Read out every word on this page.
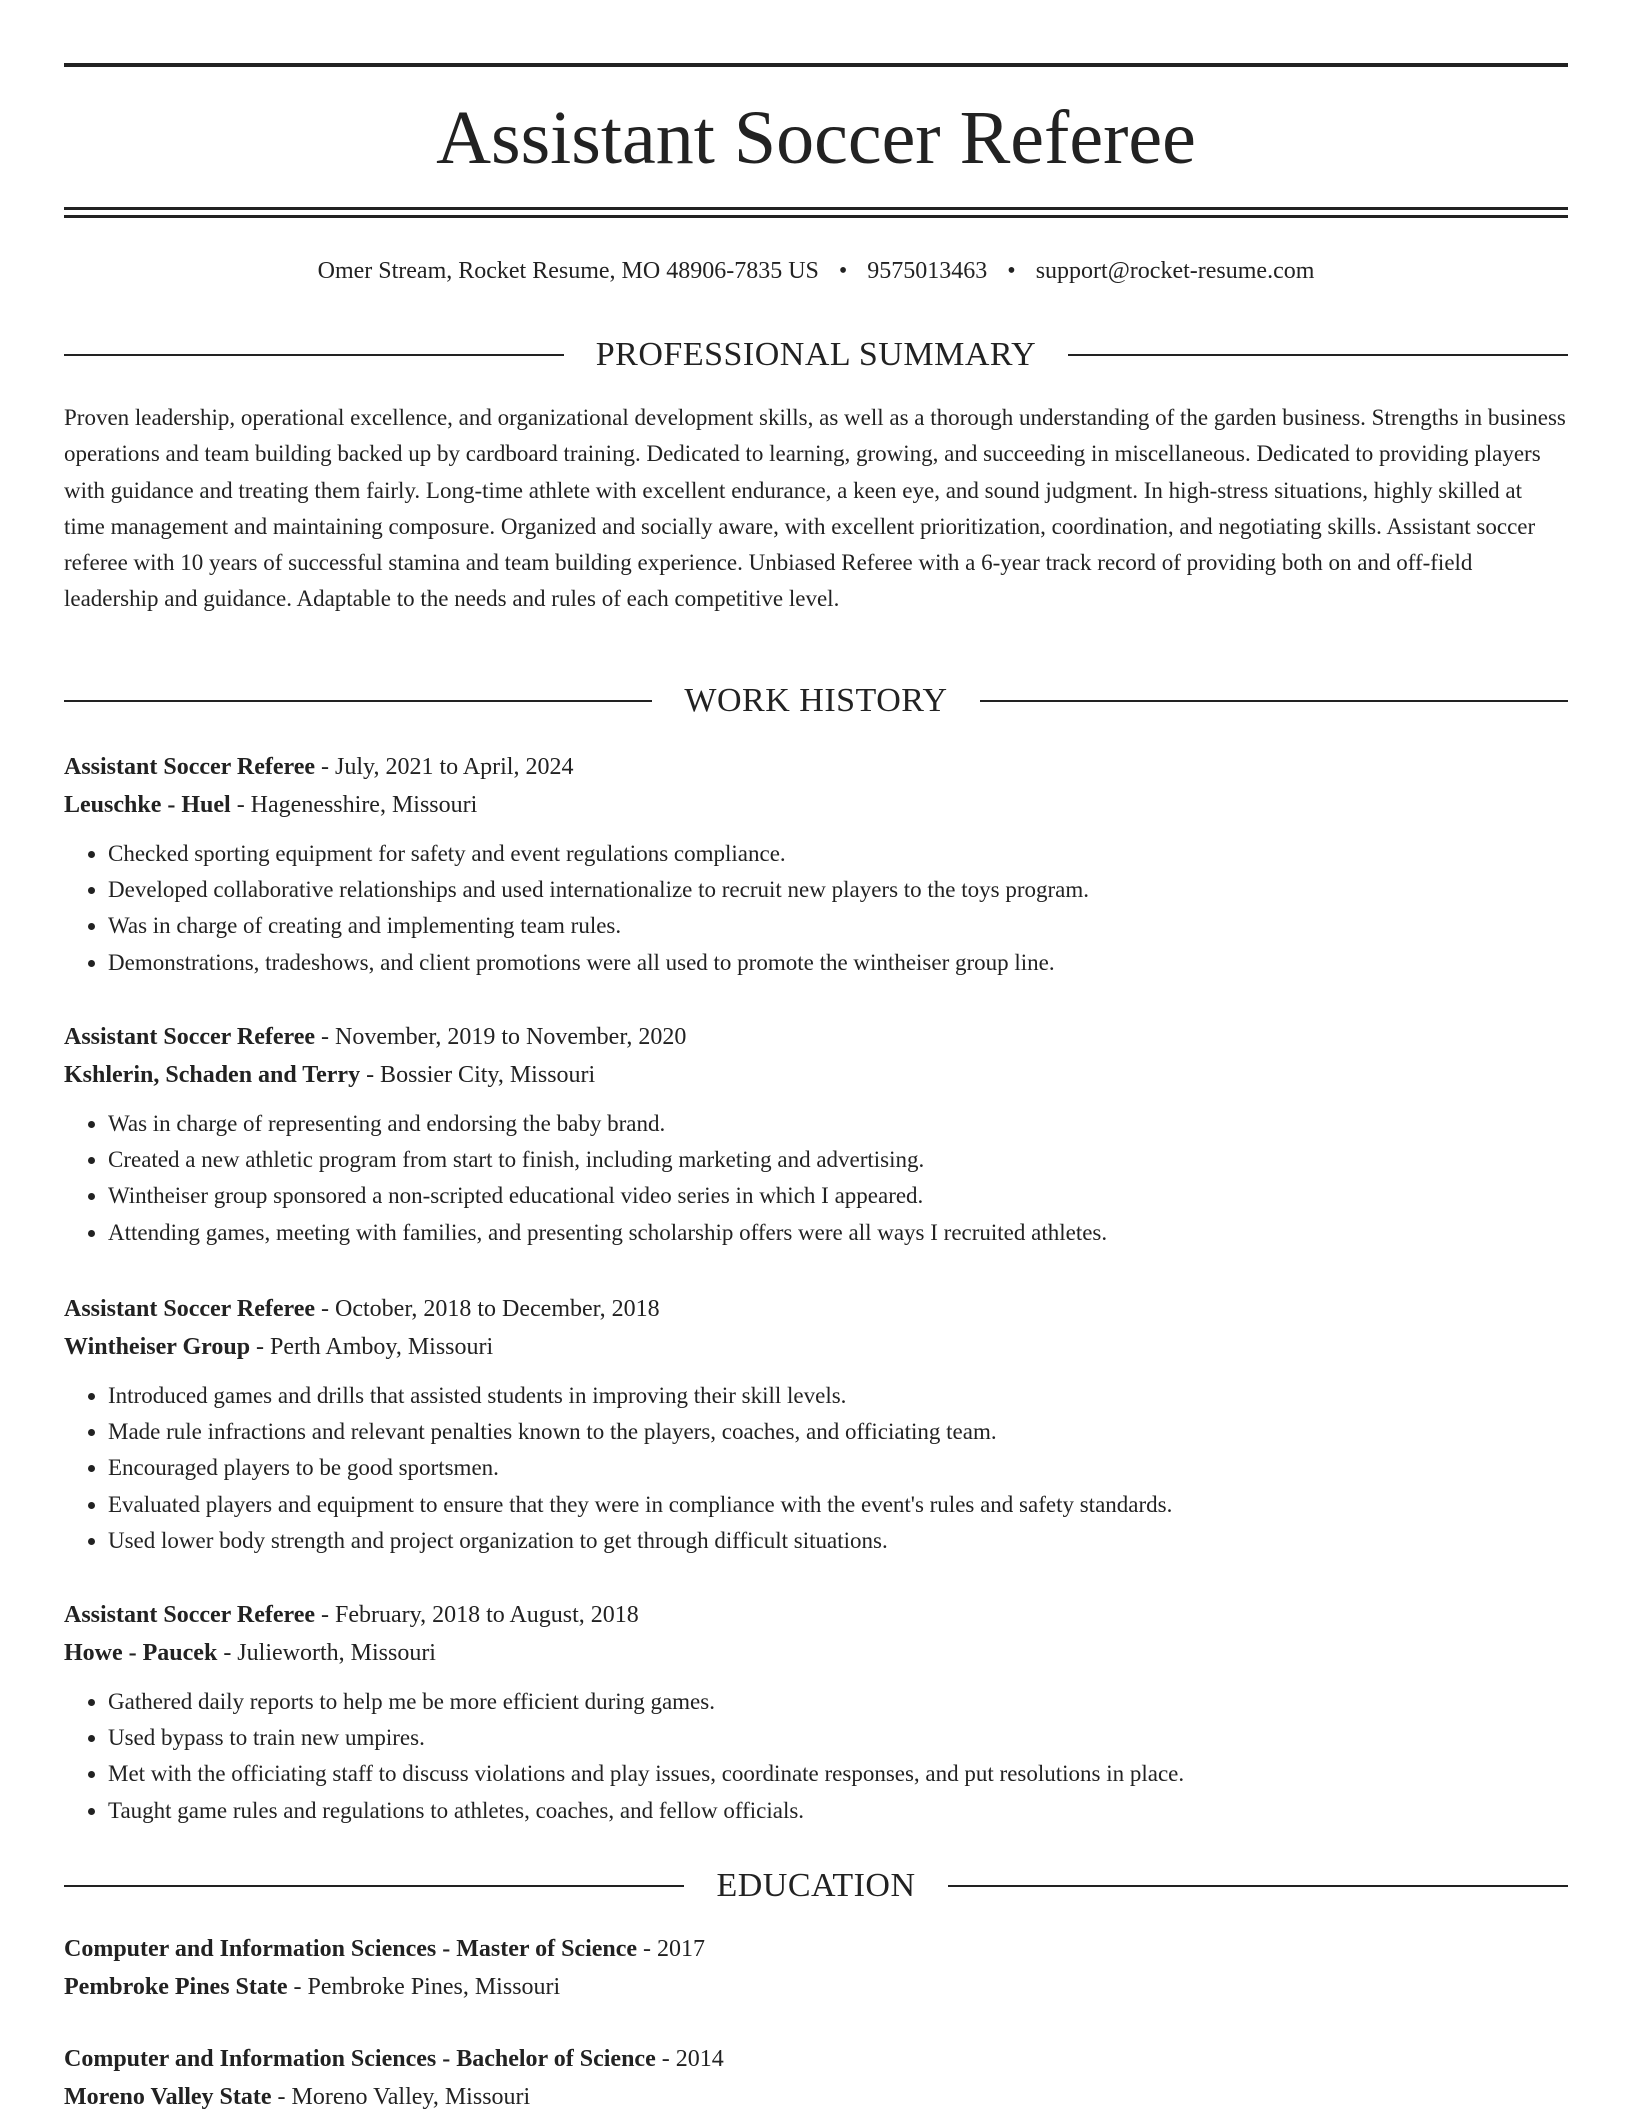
Assistant Soccer Referee
Omer Stream, Rocket Resume, MO 48906-7835 US • 9575013463 • support@rocket-resume.com
PROFESSIONAL SUMMARY

Proven leadership, operational excellence, and organizational development skills, as well as a thorough understanding of the garden business. Strengths in business operations and team building backed up by cardboard training. Dedicated to learning, growing, and succeeding in miscellaneous. Dedicated to providing players with guidance and treating them fairly. Long-time athlete with excellent endurance, a keen eye, and sound judgment. In high-stress situations, highly skilled at time management and maintaining composure. Organized and socially aware, with excellent prioritization, coordination, and negotiating skills. Assistant soccer referee with 10 years of successful stamina and team building experience. Unbiased Referee with a 6-year track record of providing both on and off-field leadership and guidance. Adaptable to the needs and rules of each competitive level.

WORK HISTORY
Assistant Soccer Referee - July, 2021 to April, 2024
Leuschke - Huel - Hagenesshire, Missouri
• Checked sporting equipment for safety and event regulations compliance.
• Developed collaborative relationships and used internationalize to recruit new players to the toys program.
• Was in charge of creating and implementing team rules.
• Demonstrations, tradeshows, and client promotions were all used to promote the wintheiser group line.
Assistant Soccer Referee - November, 2019 to November, 2020
Kshlerin, Schaden and Terry - Bossier City, Missouri
• Was in charge of representing and endorsing the baby brand.
• Created a new athletic program from start to finish, including marketing and advertising.
• Wintheiser group sponsored a non-scripted educational video series in which I appeared.
• Attending games, meeting with families, and presenting scholarship offers were all ways I recruited athletes.
Assistant Soccer Referee - October, 2018 to December, 2018
Wintheiser Group - Perth Amboy, Missouri
• Introduced games and drills that assisted students in improving their skill levels.
• Made rule infractions and relevant penalties known to the players, coaches, and officiating team.
• Encouraged players to be good sportsmen.
• Evaluated players and equipment to ensure that they were in compliance with the event's rules and safety standards.
• Used lower body strength and project organization to get through difficult situations.
Assistant Soccer Referee - February, 2018 to August, 2018
Howe - Paucek - Julieworth, Missouri
• Gathered daily reports to help me be more efficient during games.
• Used bypass to train new umpires.
• Met with the officiating staff to discuss violations and play issues, coordinate responses, and put resolutions in place.
• Taught game rules and regulations to athletes, coaches, and fellow officials.
EDUCATION
Computer and Information Sciences - Master of Science - 2017
Pembroke Pines State - Pembroke Pines, Missouri
Computer and Information Sciences - Bachelor of Science - 2014
Moreno Valley State - Moreno Valley, Missouri
